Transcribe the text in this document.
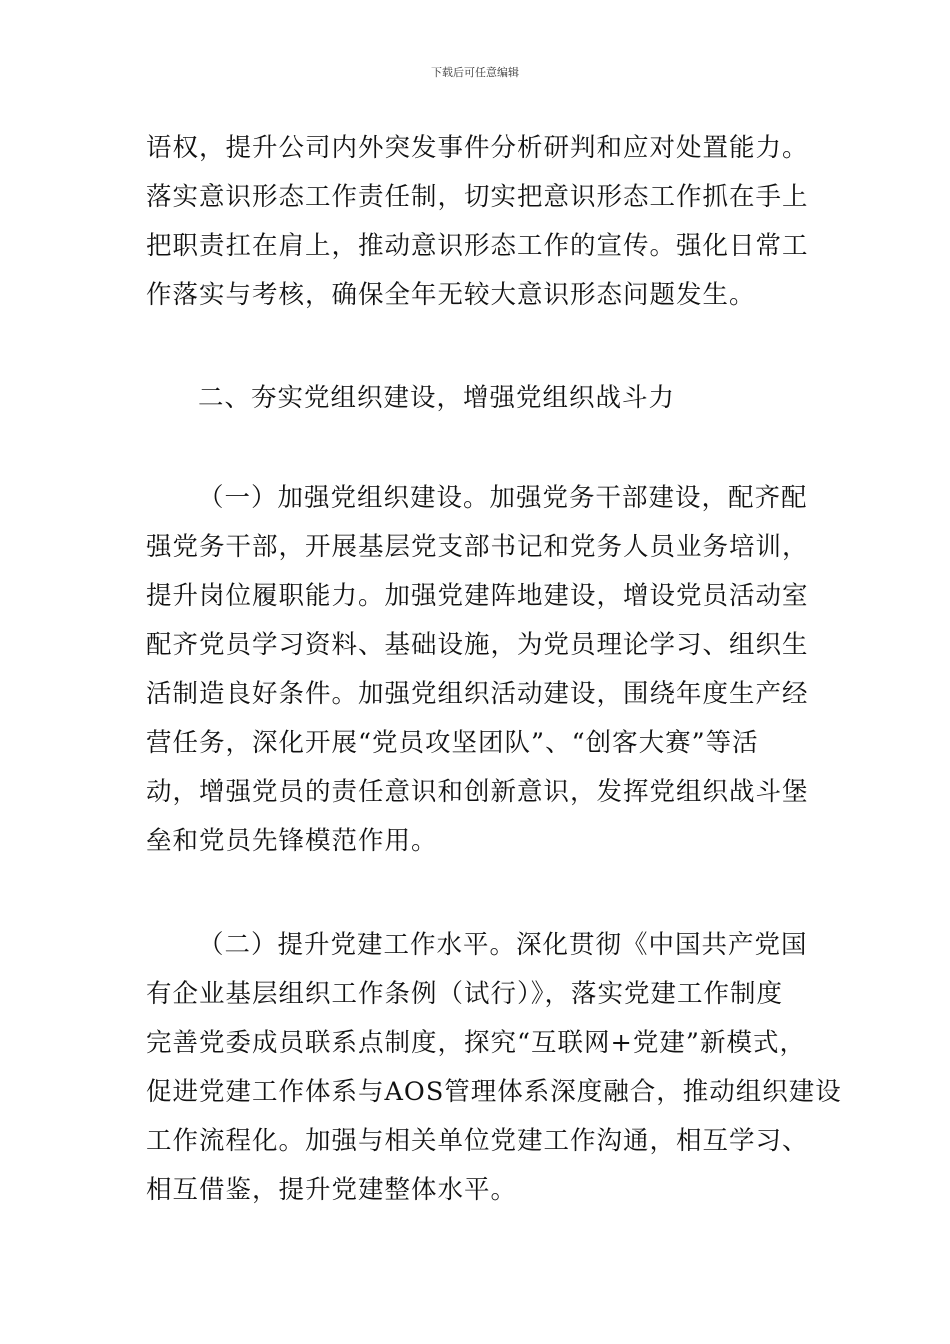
下载后可任意编辑
语权，提升公司内外突发事件分析研判和应对处置能力。
落实意识形态工作责任制，切实把意识形态工作抓在手上
把职责扛在肩上，推动意识形态工作的宣传。强化日常工
作落实与考核，确保全年无较大意识形态问题发生。
二、夯实党组织建设，增强党组织战斗力
（一）加强党组织建设。加强党务干部建设，配齐配
强党务干部，开展基层党支部书记和党务人员业务培训，
提升岗位履职能力。加强党建阵地建设，增设党员活动室
配齐党员学习资料、基础设施，为党员理论学习、组织生
活制造良好条件。加强党组织活动建设，围绕年度生产经
营任务，深化开展“党员攻坚团队”、“创客大赛”等活
动，增强党员的责任意识和创新意识，发挥党组织战斗堡
垒和党员先锋模范作用。
（二）提升党建工作水平。深化贯彻《中国共产党国
有企业基层组织工作条例（试行）》，落实党建工作制度
完善党委成员联系点制度，探究“互联网+党建”新模式，
促进党建工作体系与AOS管理体系深度融合，推动组织建设
工作流程化。加强与相关单位党建工作沟通，相互学习、
相互借鉴，提升党建整体水平。
